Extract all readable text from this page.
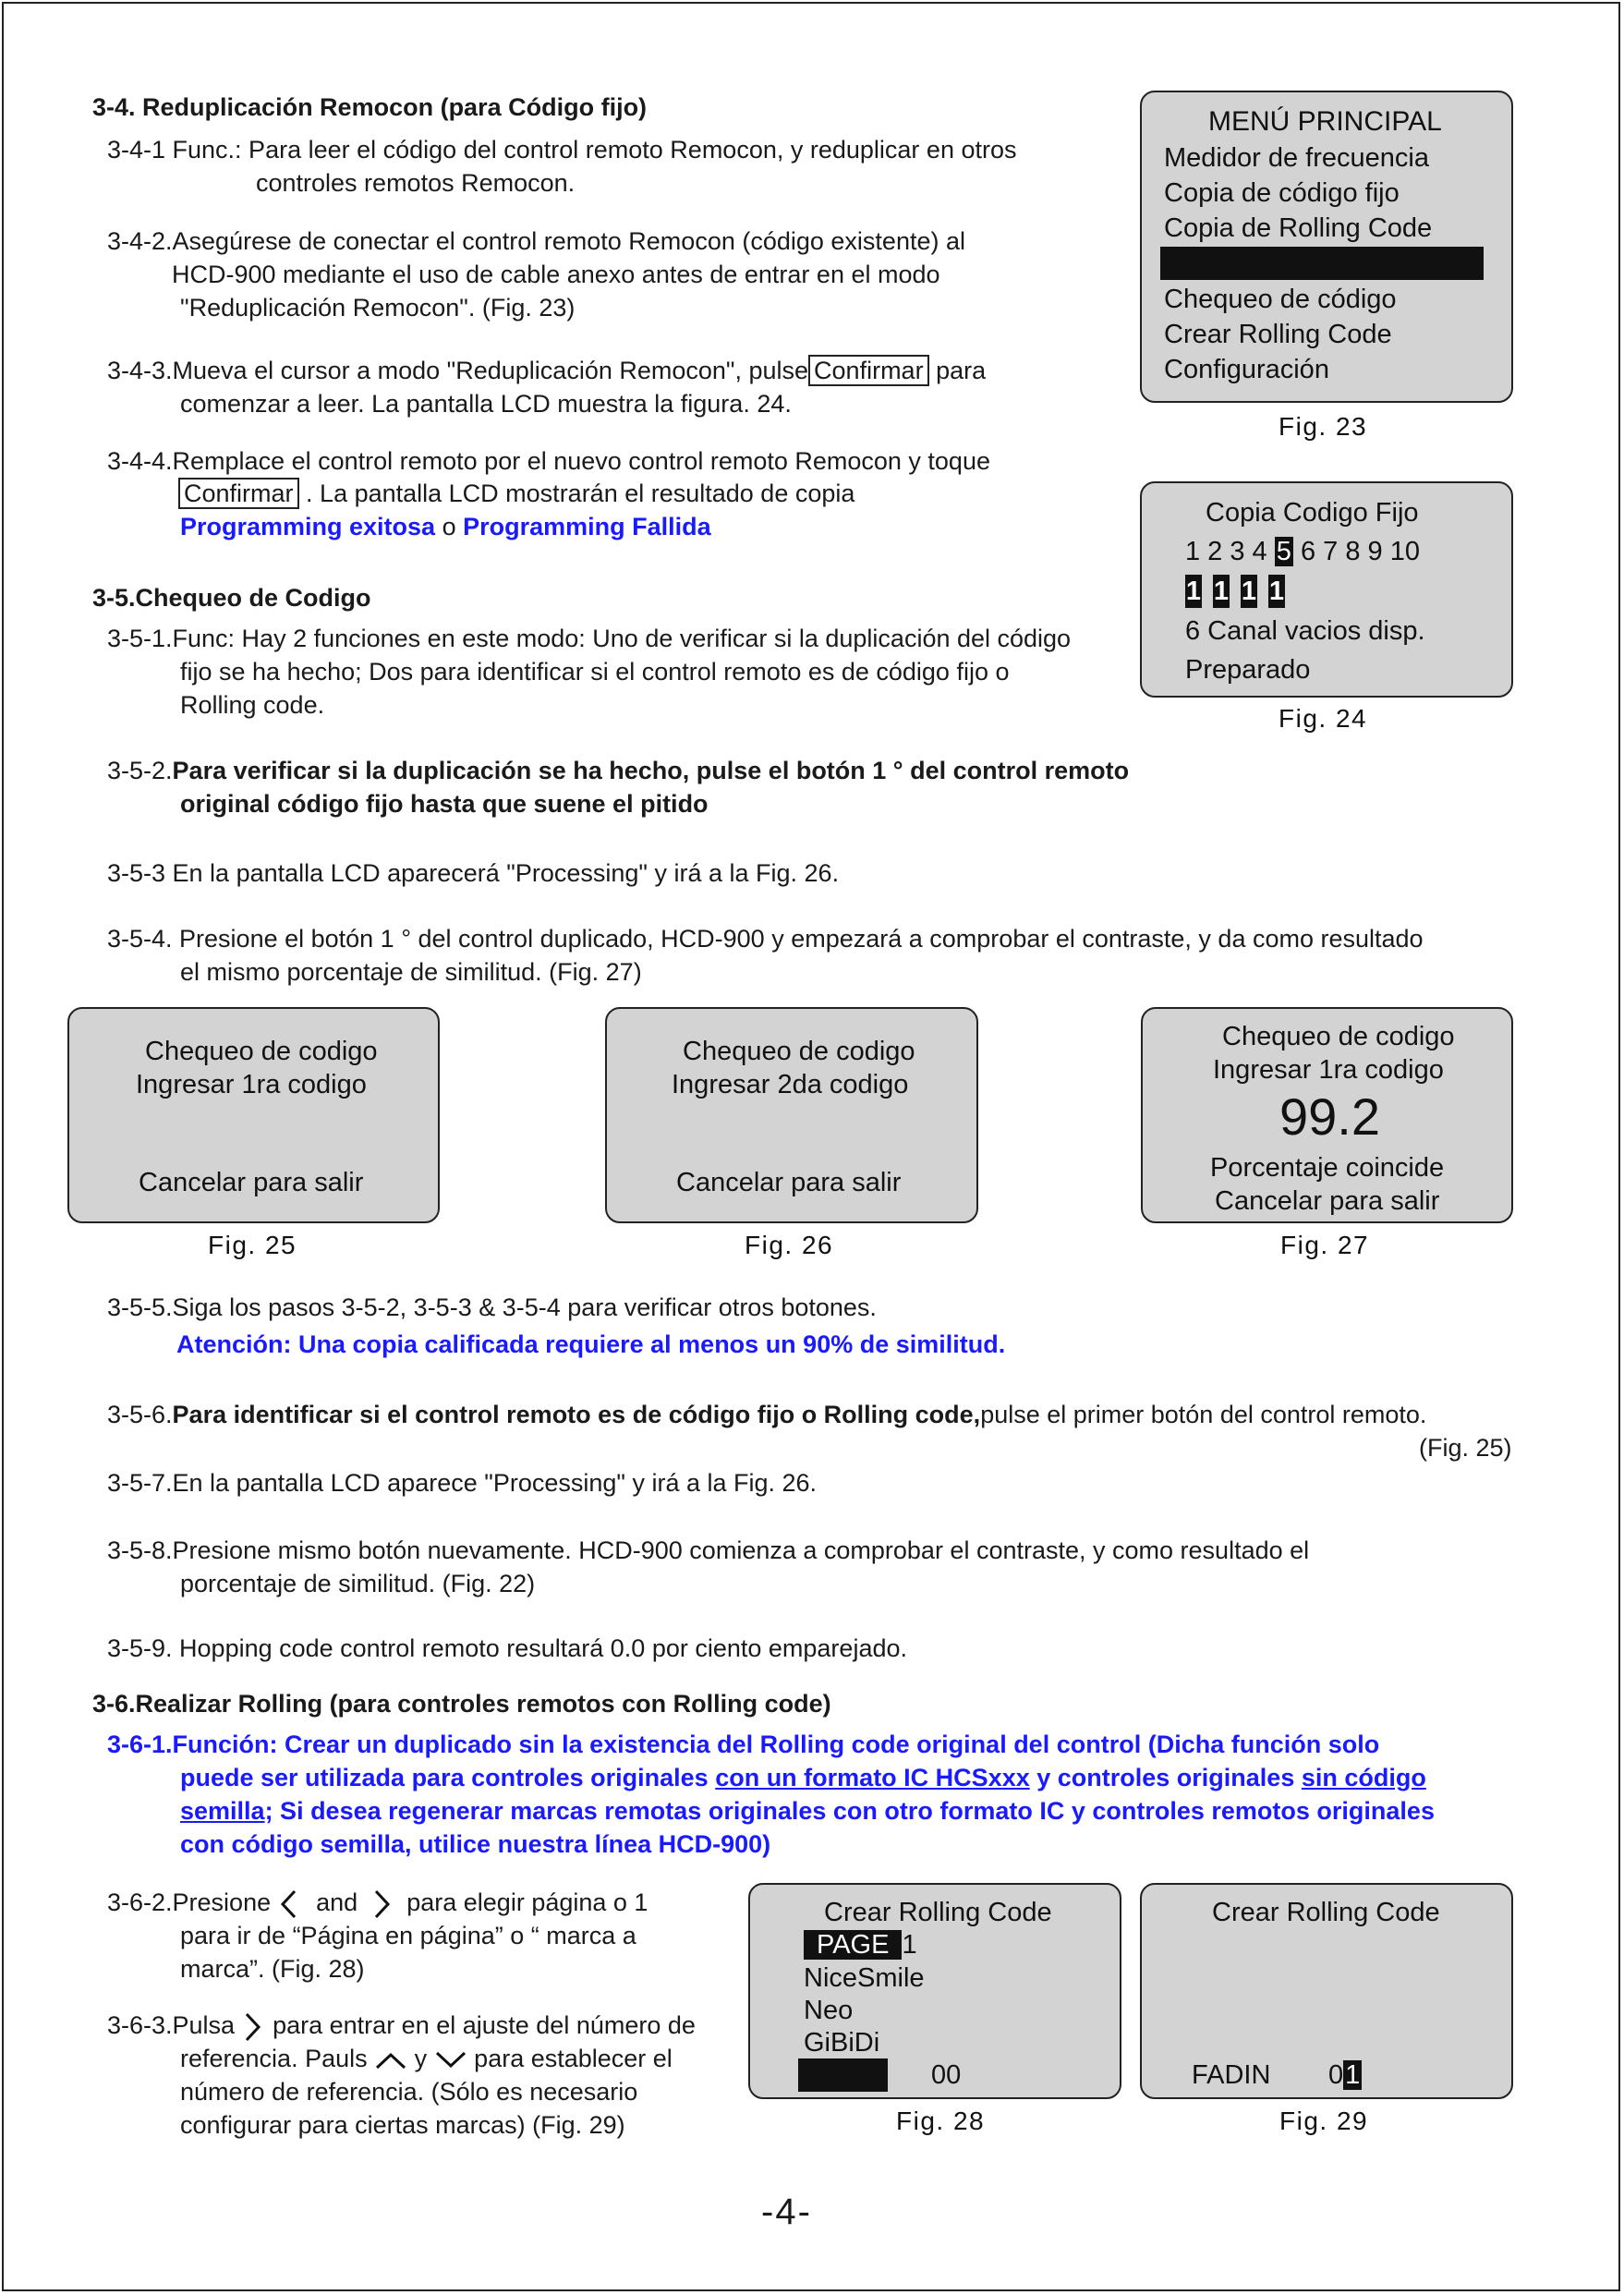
3-4. Reduplicación Remocon (para Código fijo)
3-4-1 Func.: Para leer el código del control remoto Remocon, y reduplicar en otros
controles remotos Remocon.
3-4-2.Asegúrese de conectar el control remoto Remocon (código existente) al
HCD-900 mediante el uso de cable anexo antes de entrar en el modo
"Reduplicación Remocon". (Fig. 23)
3-4-3.Mueva el cursor a modo "Reduplicación Remocon", pulse Confirmar para
comenzar a leer. La pantalla LCD muestra la figura. 24.
3-4-4.Remplace el control remoto por el nuevo control remoto Remocon y toque
Confirmar . La pantalla LCD mostrarán el resultado de copia
Programming exitosa o Programming Fallida
MENÚ PRINCIPAL
Medidor de frecuencia
Copia de código fijo
Copia de Rolling Code
Reduplicación REMOCON
Chequeo de código
Crear Rolling Code
Configuración
Fig. 23
Copia Codigo Fijo
1 2 3 4 5 6 7 8 9 10
1 1 1 1
6 Canal vacios disp.
Preparado
Fig. 24
3-5.Chequeo de Codigo
3-5-1.Func: Hay 2 funciones en este modo: Uno de verificar si la duplicación del código
fijo se ha hecho; Dos para identificar si el control remoto es de código fijo o
Rolling code.
3-5-2.Para verificar si la duplicación se ha hecho, pulse el botón 1 ° del control remoto
original código fijo hasta que suene el pitido
3-5-3 En la pantalla LCD aparecerá "Processing" y irá a la Fig. 26.
3-5-4. Presione el botón 1 ° del control duplicado, HCD-900 y empezará a comprobar el contraste, y da como resultado
el mismo porcentaje de similitud. (Fig. 27)
Chequeo de codigo
Ingresar 1ra codigo
Cancelar para salir
Fig. 25
Chequeo de codigo
Ingresar 2da codigo
Cancelar para salir
Fig. 26
Chequeo de codigo
Ingresar 1ra codigo
99.2
Porcentaje coincide
Cancelar para salir
Fig. 27
3-5-5.Siga los pasos 3-5-2, 3-5-3 & 3-5-4 para verificar otros botones.
Atención: Una copia calificada requiere al menos un 90% de similitud.
3-5-6.Para identificar si el control remoto es de código fijo o Rolling code,pulse el primer botón del control remoto.
(Fig. 25)
3-5-7.En la pantalla LCD aparece "Processing" y irá a la Fig. 26.
3-5-8.Presione mismo botón nuevamente. HCD-900 comienza a comprobar el contraste, y como resultado el
porcentaje de similitud. (Fig. 22)
3-5-9. Hopping code control remoto resultará 0.0 por ciento emparejado.
3-6.Realizar Rolling (para controles remotos con Rolling code)
3-6-1.Función: Crear un duplicado sin la existencia del Rolling code original del control (Dicha función solo
puede ser utilizada para controles originales con un formato IC HCSxxx y controles originales sin código
semilla; Si desea regenerar marcas remotas originales con otro formato IC y controles remotos originales
con código semilla, utilice nuestra línea HCD-900)
3-6-2.Presione and para elegir página o 1
para ir de “Página en página” o “ marca a
marca”. (Fig. 28)
3-6-3.Pulsa para entrar en el ajuste del número de
referencia. Pauls y para establecer el
número de referencia. (Sólo es necesario
configurar para ciertas marcas) (Fig. 29)
Crear Rolling Code
PAGE 1
NiceSmile
Neo
GiBiDi
FADIN 00
Fig. 28
Crear Rolling Code
FADIN 01
Fig. 29
-4-
